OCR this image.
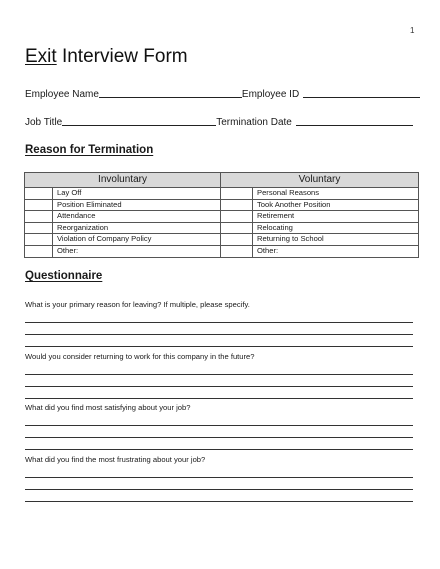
1
Exit Interview Form
Employee Name	Employee ID
Job Title	Termination Date
Reason for Termination
Involuntary		Voluntary	
	Lay Off		Personal Reasons
	Position Eliminated		Took Another Position
	Attendance		Retirement
	Reorganization		Relocating
	Violation of Company Policy		Returning to School
	Other:		Other:
Questionnaire
What is your primary reason for leaving? If multiple, please specify.
Would you consider returning to work for this company in the future?
What did you find most satisfying about your job?
What did you find the most frustrating about your job?
